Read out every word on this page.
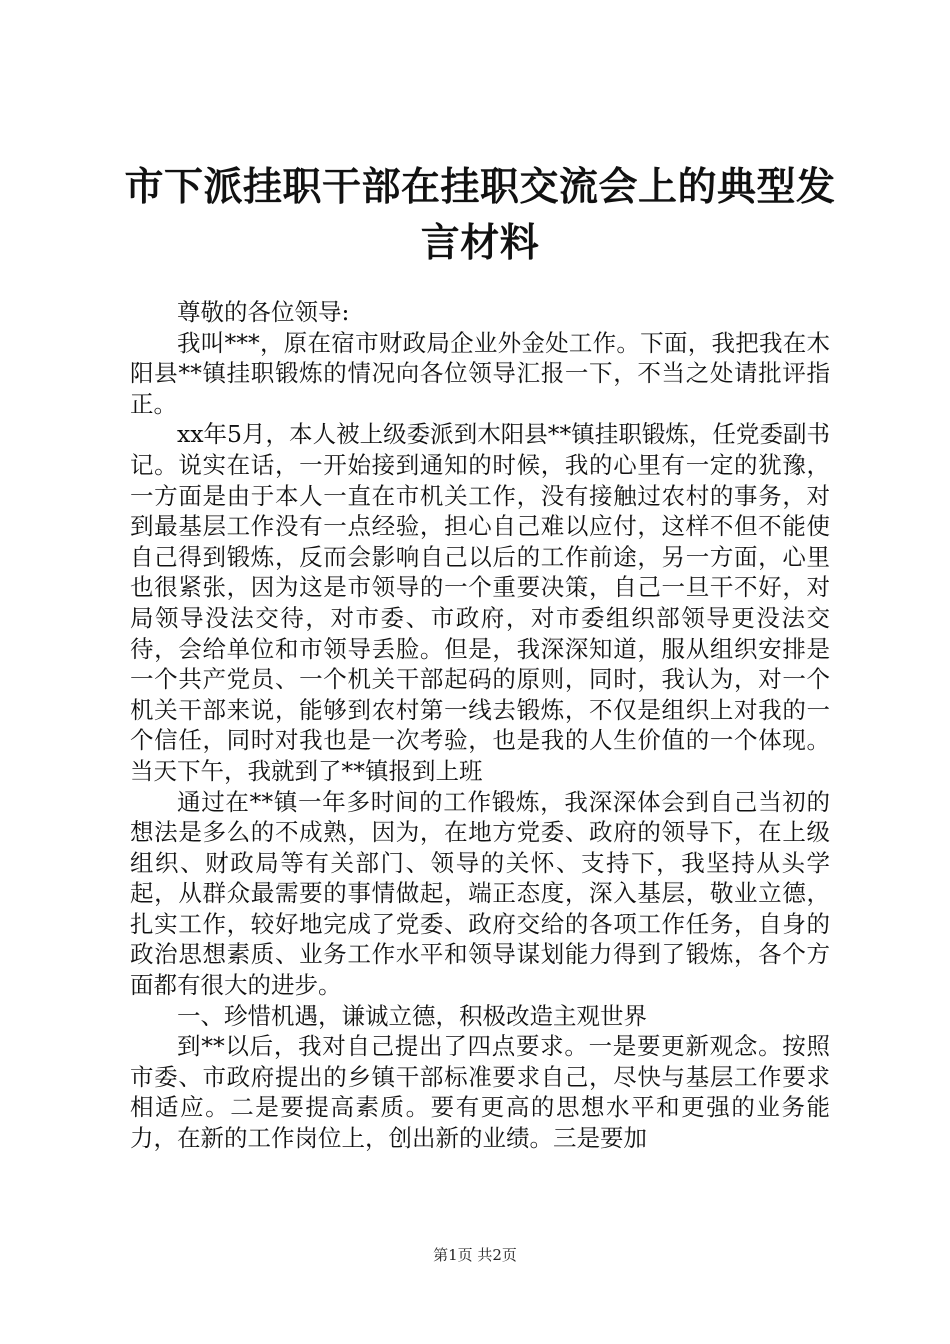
市下派挂职干部在挂职交流会上的典型发言材料

尊敬的各位领导:

我叫***，原在宿市财政局企业外金处工作。下面，我把我在木阳县**镇挂职锻炼的情况向各位领导汇报一下，不当之处请批评指正。

xx年5月，本人被上级委派到木阳县**镇挂职锻炼，任党委副书记。说实在话，一开始接到通知的时候，我的心里有一定的犹豫，一方面是由于本人一直在市机关工作，没有接触过农村的事务，对到最基层工作没有一点经验，担心自己难以应付，这样不但不能使自己得到锻炼，反而会影响自己以后的工作前途，另一方面，心里也很紧张，因为这是市领导的一个重要决策，自己一旦干不好，对局领导没法交待，对市委、市政府，对市委组织部领导更没法交待，会给单位和市领导丢脸。但是，我深深知道，服从组织安排是一个共产党员、一个机关干部起码的原则，同时，我认为，对一个机关干部来说，能够到农村第一线去锻炼，不仅是组织上对我的一个信任，同时对我也是一次考验，也是我的人生价值的一个体现。当天下午，我就到了**镇报到上班

通过在**镇一年多时间的工作锻炼，我深深体会到自己当初的想法是多么的不成熟，因为，在地方党委、政府的领导下，在上级组织、财政局等有关部门、领导的关怀、支持下，我坚持从头学起，从群众最需要的事情做起，端正态度，深入基层，敬业立德，扎实工作，较好地完成了党委、政府交给的各项工作任务，自身的政治思想素质、业务工作水平和领导谋划能力得到了锻炼，各个方面都有很大的进步。

一、珍惜机遇，谦诚立德，积极改造主观世界

到**以后，我对自己提出了四点要求。一是要更新观念。按照市委、市政府提出的乡镇干部标准要求自己，尽快与基层工作要求相适应。二是要提高素质。要有更高的思想水平和更强的业务能力，在新的工作岗位上，创出新的业绩。三是要加

第1页 共2页
